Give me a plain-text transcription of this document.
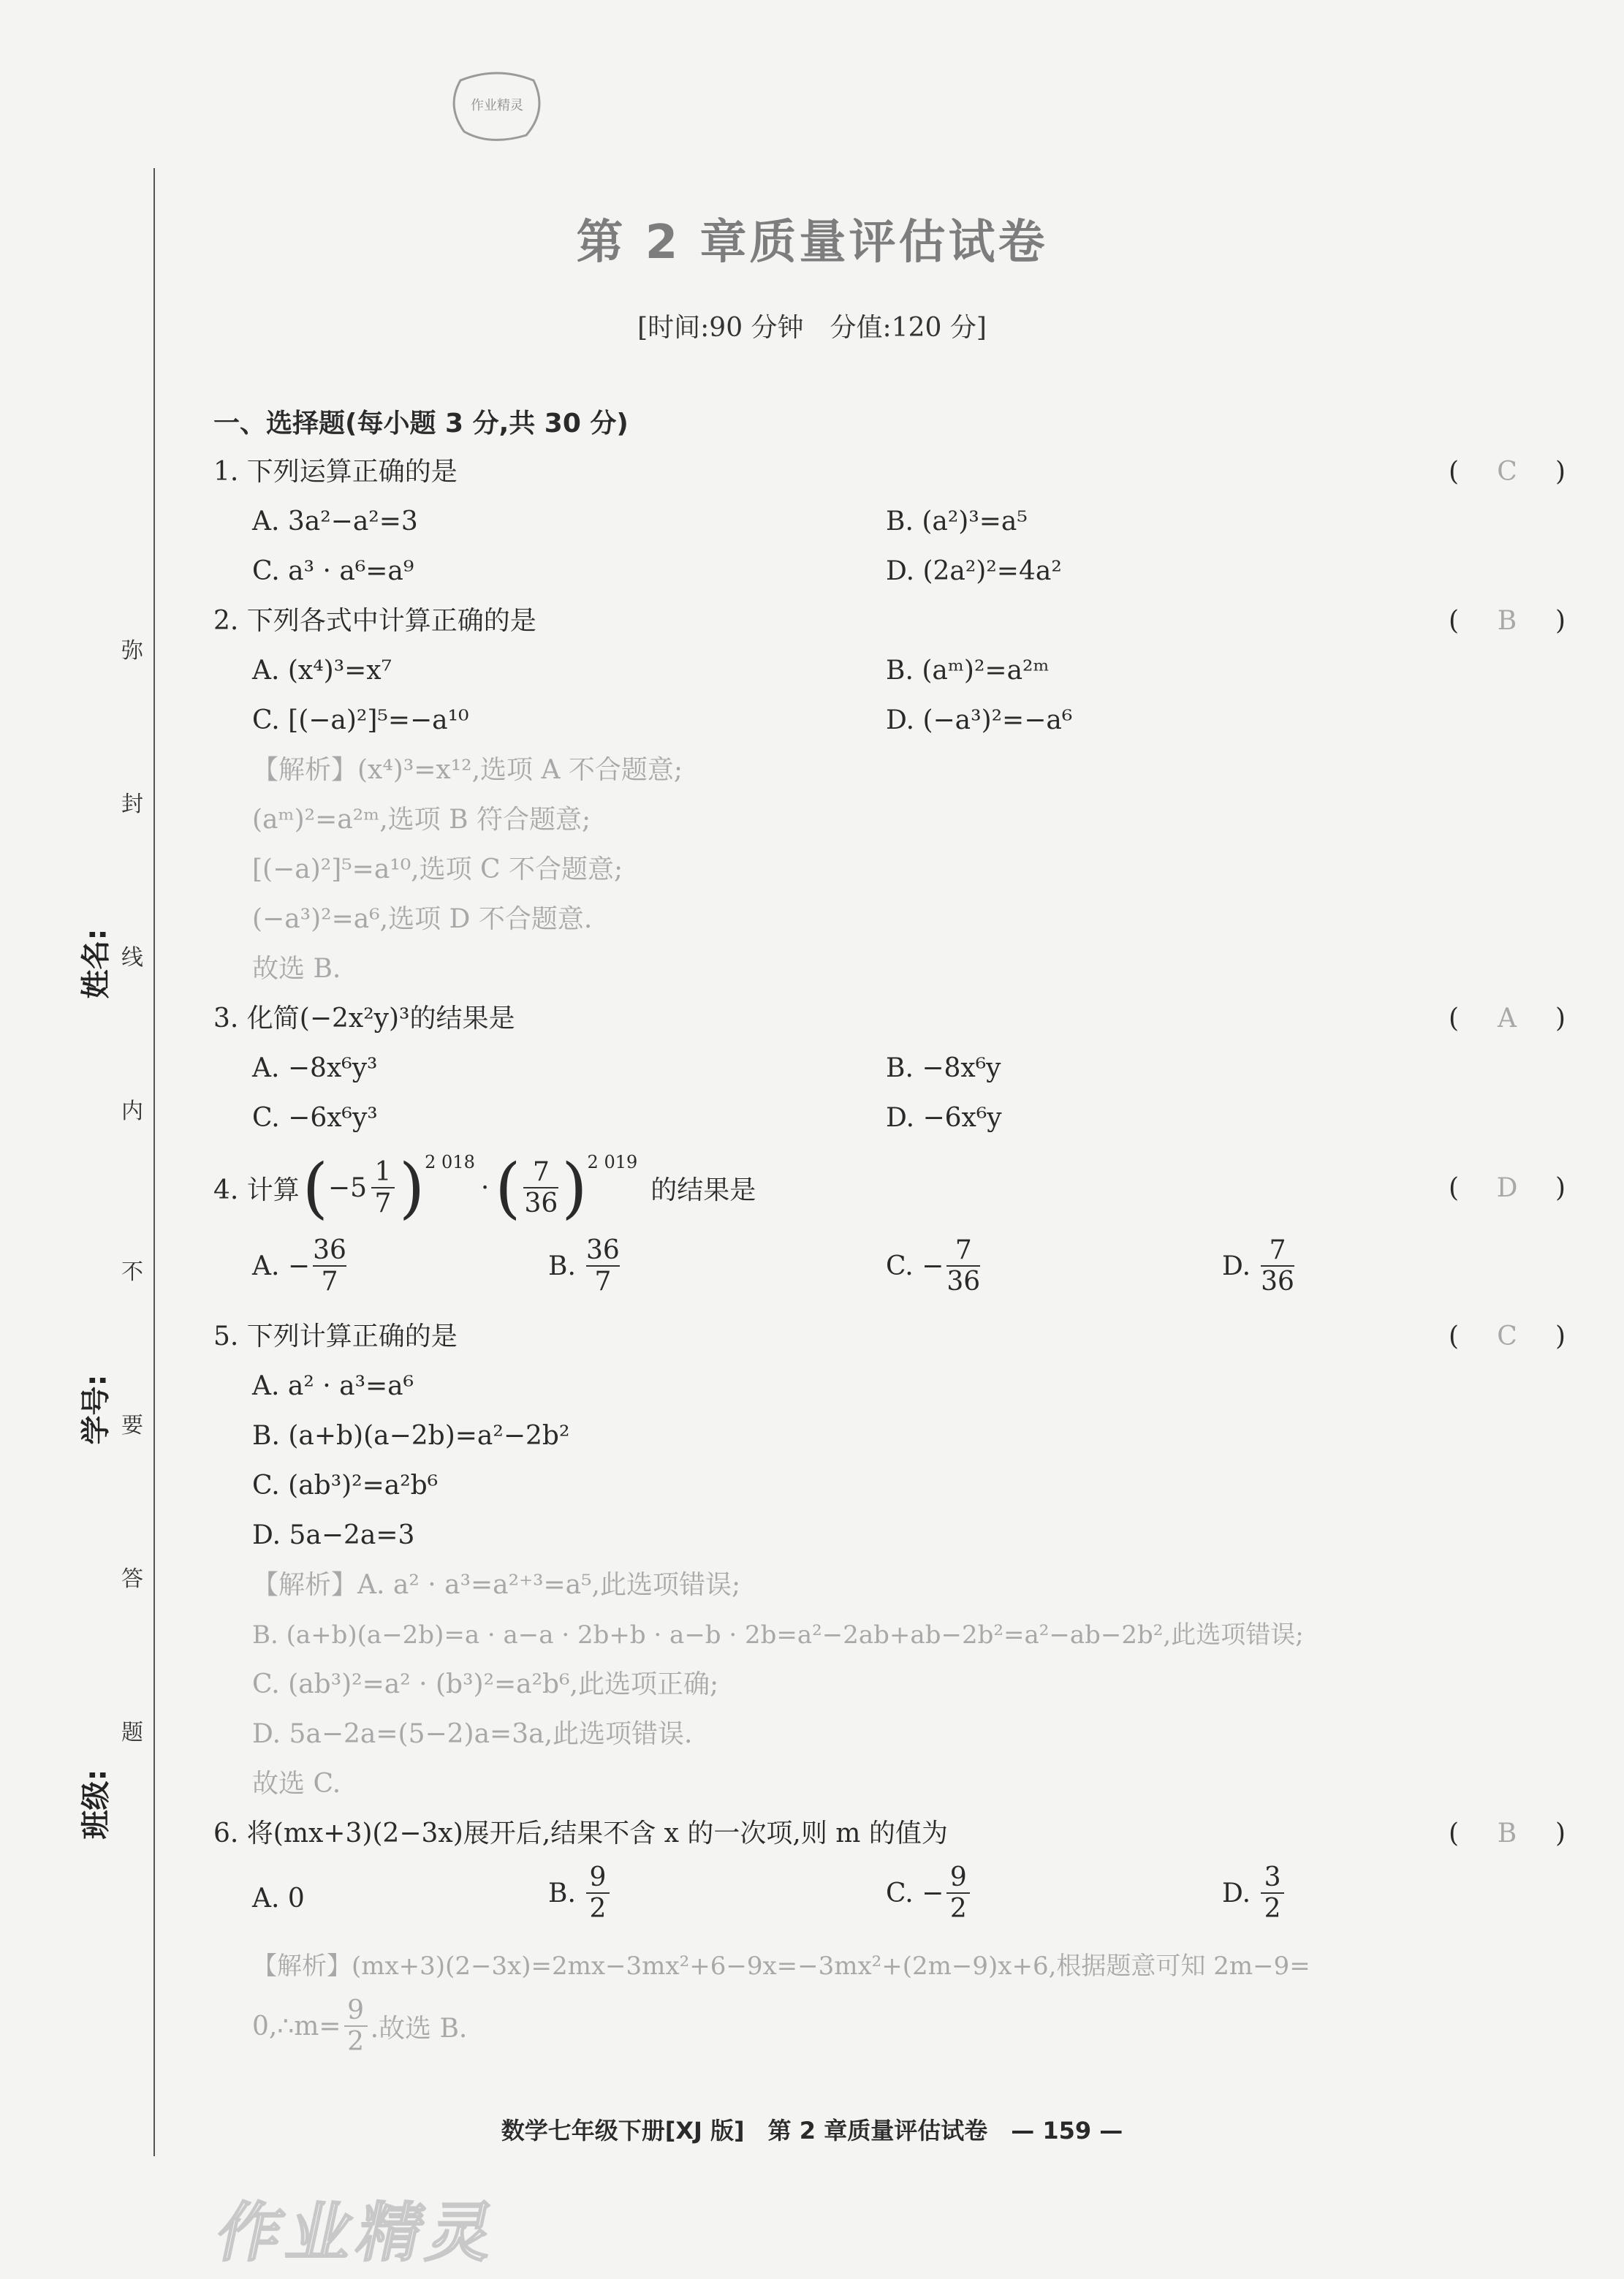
作业精灵
弥
封
线
内
不
要
答
题
姓名:
学号:
班级:
第 2 章质量评估试卷
[时间:90 分钟　分值:120 分]
一、选择题(每小题 3 分,共 30 分)
1. 下列运算正确的是	( C )
A. 3a²−a²=3	B. (a²)³=a⁵
C. a³ · a⁶=a⁹	D. (2a²)²=4a²
2. 下列各式中计算正确的是	( B )
A. (x⁴)³=x⁷	B. (aᵐ)²=a²ᵐ
C. [(−a)²]⁵=−a¹⁰	D. (−a³)²=−a⁶
【解析】(x⁴)³=x¹²,选项 A 不合题意;
(aᵐ)²=a²ᵐ,选项 B 符合题意;
[(−a)²]⁵=a¹⁰,选项 C 不合题意;
(−a³)²=a⁶,选项 D 不合题意.
故选 B.
3. 化简(−2x²y)³的结果是	( A )
A. −8x⁶y³	B. −8x⁶y
C. −6x⁶y³	D. −6x⁶y
4. 计算 ( −5
1
7 ) 2 018
· ( 7
36 ) 2 019
的结果是	( D )
A. −
36
7
B.
36
7
C. −
7
36
D.
7
36
5. 下列计算正确的是	( C )
A. a² · a³=a⁶
B. (a+b)(a−2b)=a²−2b²
C. (ab³)²=a²b⁶
D. 5a−2a=3
【解析】A. a² · a³=a²⁺³=a⁵,此选项错误;
B. (a+b)(a−2b)=a · a−a · 2b+b · a−b · 2b=a²−2ab+ab−2b²=a²−ab−2b²,此选项错误;
C. (ab³)²=a² · (b³)²=a²b⁶,此选项正确;
D. 5a−2a=(5−2)a=3a,此选项错误.
故选 C.
6. 将(mx+3)(2−3x)展开后,结果不含 x 的一次项,则 m 的值为	( B )
A. 0	B.
9
2
C. −
9
2
D.
3
2
【解析】(mx+3)(2−3x)=2mx−3mx²+6−9x=−3mx²+(2m−9)x+6,根据题意可知 2m−9=
0,∴m=
9
2 .故选 B.
数学七年级下册[XJ 版]　第 2 章质量评估试卷　— 159 —
作业精灵
